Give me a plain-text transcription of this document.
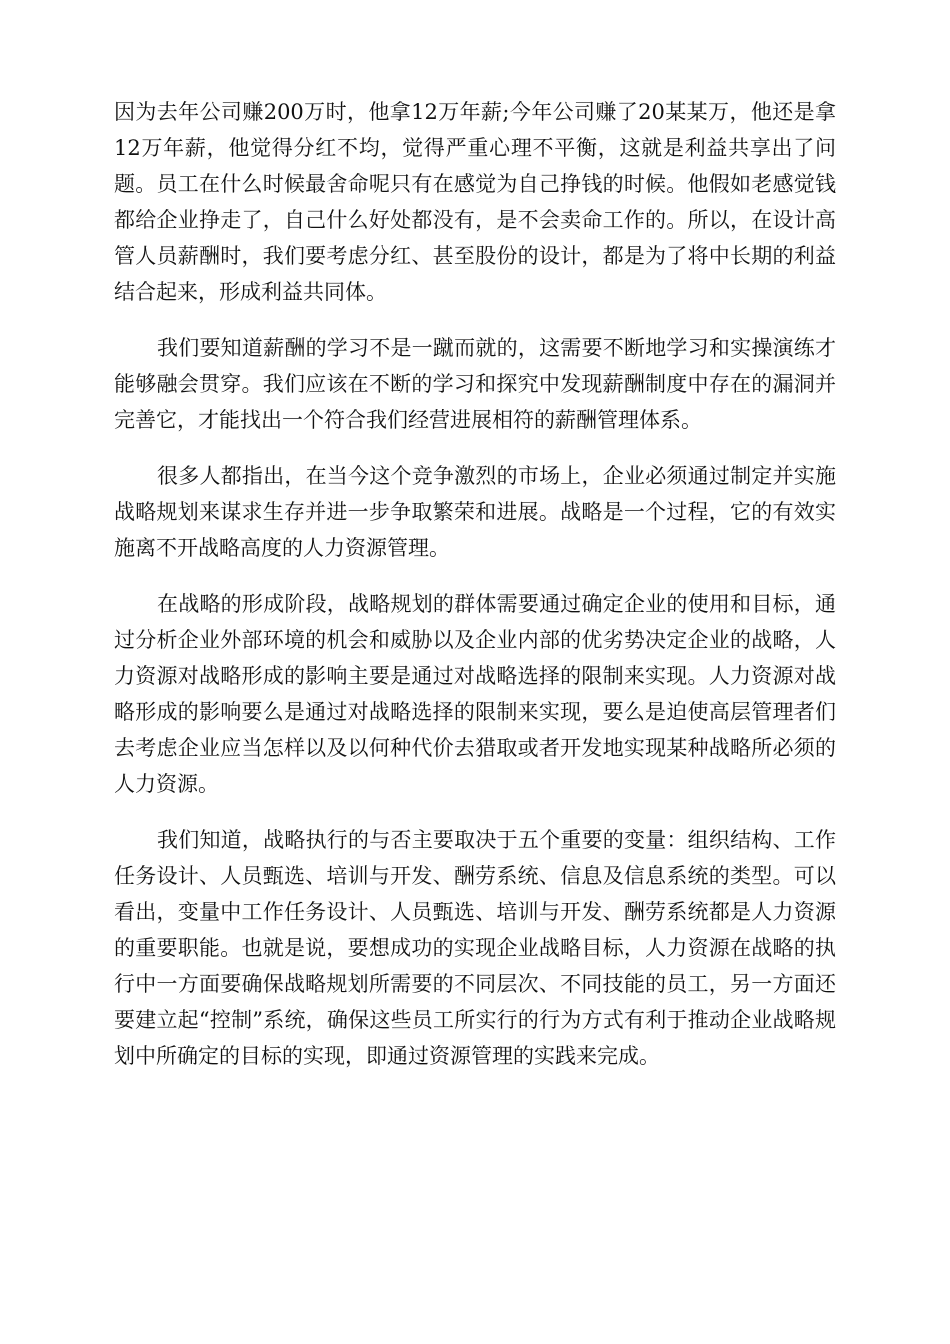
因为去年公司赚200万时，他拿12万年薪;今年公司赚了20某某万，他还是拿12万年薪，他觉得分红不均，觉得严重心理不平衡，这就是利益共享出了问题。员工在什么时候最舍命呢只有在感觉为自己挣钱的时候。他假如老感觉钱都给企业挣走了，自己什么好处都没有，是不会卖命工作的。所以，在设计高管人员薪酬时，我们要考虑分红、甚至股份的设计，都是为了将中长期的利益结合起来，形成利益共同体。

我们要知道薪酬的学习不是一蹴而就的，这需要不断地学习和实操演练才能够融会贯穿。我们应该在不断的学习和探究中发现薪酬制度中存在的漏洞并完善它，才能找出一个符合我们经营进展相符的薪酬管理体系。

很多人都指出，在当今这个竞争激烈的市场上，企业必须通过制定并实施战略规划来谋求生存并进一步争取繁荣和进展。战略是一个过程，它的有效实施离不开战略高度的人力资源管理。

在战略的形成阶段，战略规划的群体需要通过确定企业的使用和目标，通过分析企业外部环境的机会和威胁以及企业内部的优劣势决定企业的战略，人力资源对战略形成的影响主要是通过对战略选择的限制来实现。人力资源对战略形成的影响要么是通过对战略选择的限制来实现，要么是迫使高层管理者们去考虑企业应当怎样以及以何种代价去猎取或者开发地实现某种战略所必须的人力资源。

我们知道，战略执行的与否主要取决于五个重要的变量：组织结构、工作任务设计、人员甄选、培训与开发、酬劳系统、信息及信息系统的类型。可以看出，变量中工作任务设计、人员甄选、培训与开发、酬劳系统都是人力资源的重要职能。也就是说，要想成功的实现企业战略目标，人力资源在战略的执行中一方面要确保战略规划所需要的不同层次、不同技能的员工，另一方面还要建立起“控制”系统，确保这些员工所实行的行为方式有利于推动企业战略规划中所确定的目标的实现，即通过资源管理的实践来完成。
